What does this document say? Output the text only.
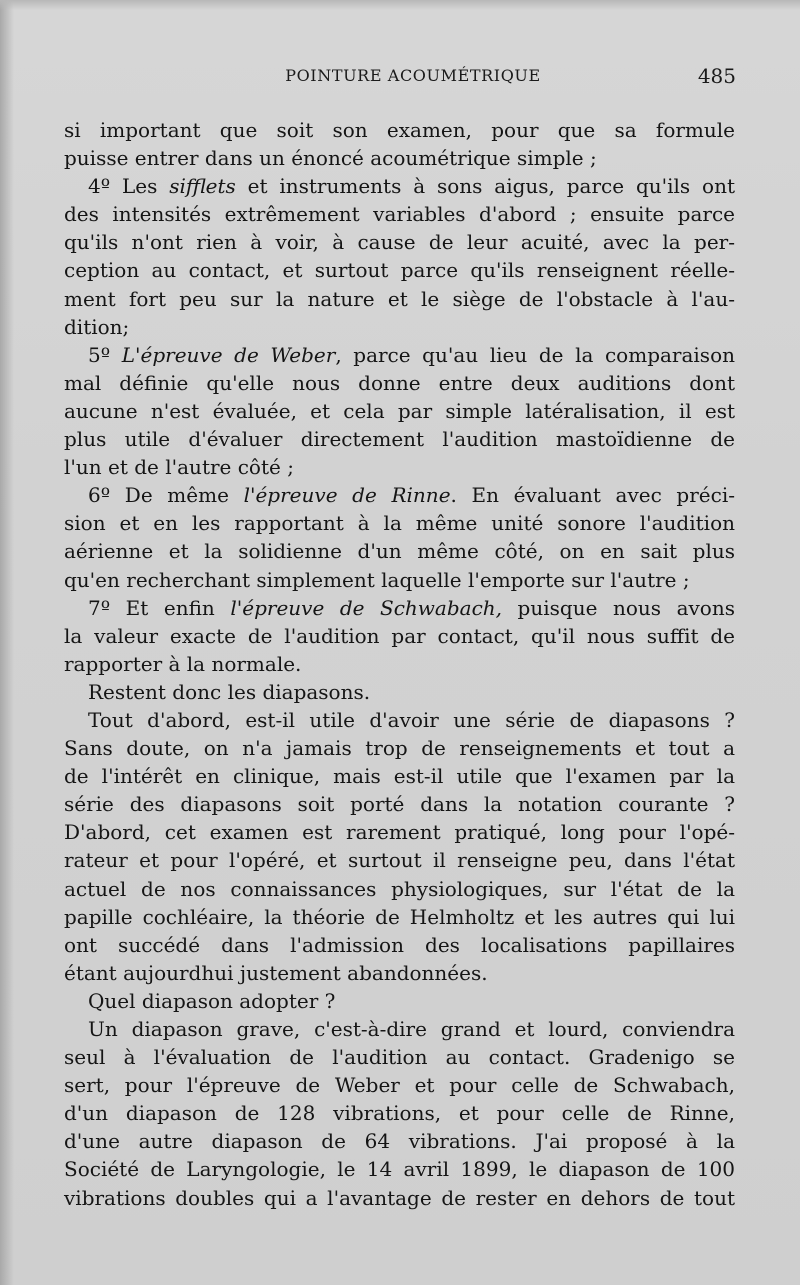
POINTURE ACOUMÉTRIQUE	485
si important que soit son examen, pour que sa formule
puisse entrer dans un énoncé acoumétrique simple ;
4º Les sifflets et instruments à sons aigus, parce qu'ils ont
des intensités extrêmement variables d'abord ; ensuite parce
qu'ils n'ont rien à voir, à cause de leur acuité, avec la per-
ception au contact, et surtout parce qu'ils renseignent réelle-
ment fort peu sur la nature et le siège de l'obstacle à l'au-
dition;
5º L'épreuve de Weber, parce qu'au lieu de la comparaison
mal définie qu'elle nous donne entre deux auditions dont
aucune n'est évaluée, et cela par simple latéralisation, il est
plus utile d'évaluer directement l'audition mastoïdienne de
l'un et de l'autre côté ;
6º De même l'épreuve de Rinne. En évaluant avec préci-
sion et en les rapportant à la même unité sonore l'audition
aérienne et la solidienne d'un même côté, on en sait plus
qu'en recherchant simplement laquelle l'emporte sur l'autre ;
7º Et enfin l'épreuve de Schwabach, puisque nous avons
la valeur exacte de l'audition par contact, qu'il nous suffit de
rapporter à la normale.
Restent donc les diapasons.
Tout d'abord, est-il utile d'avoir une série de diapasons ?
Sans doute, on n'a jamais trop de renseignements et tout a
de l'intérêt en clinique, mais est-il utile que l'examen par la
série des diapasons soit porté dans la notation courante ?
D'abord, cet examen est rarement pratiqué, long pour l'opé-
rateur et pour l'opéré, et surtout il renseigne peu, dans l'état
actuel de nos connaissances physiologiques, sur l'état de la
papille cochléaire, la théorie de Helmholtz et les autres qui lui
ont succédé dans l'admission des localisations papillaires
étant aujourdhui justement abandonnées.
Quel diapason adopter ?
Un diapason grave, c'est-à-dire grand et lourd, conviendra
seul à l'évaluation de l'audition au contact. Gradenigo se
sert, pour l'épreuve de Weber et pour celle de Schwabach,
d'un diapason de 128 vibrations, et pour celle de Rinne,
d'une autre diapason de 64 vibrations. J'ai proposé à la
Société de Laryngologie, le 14 avril 1899, le diapason de 100
vibrations doubles qui a l'avantage de rester en dehors de tout
